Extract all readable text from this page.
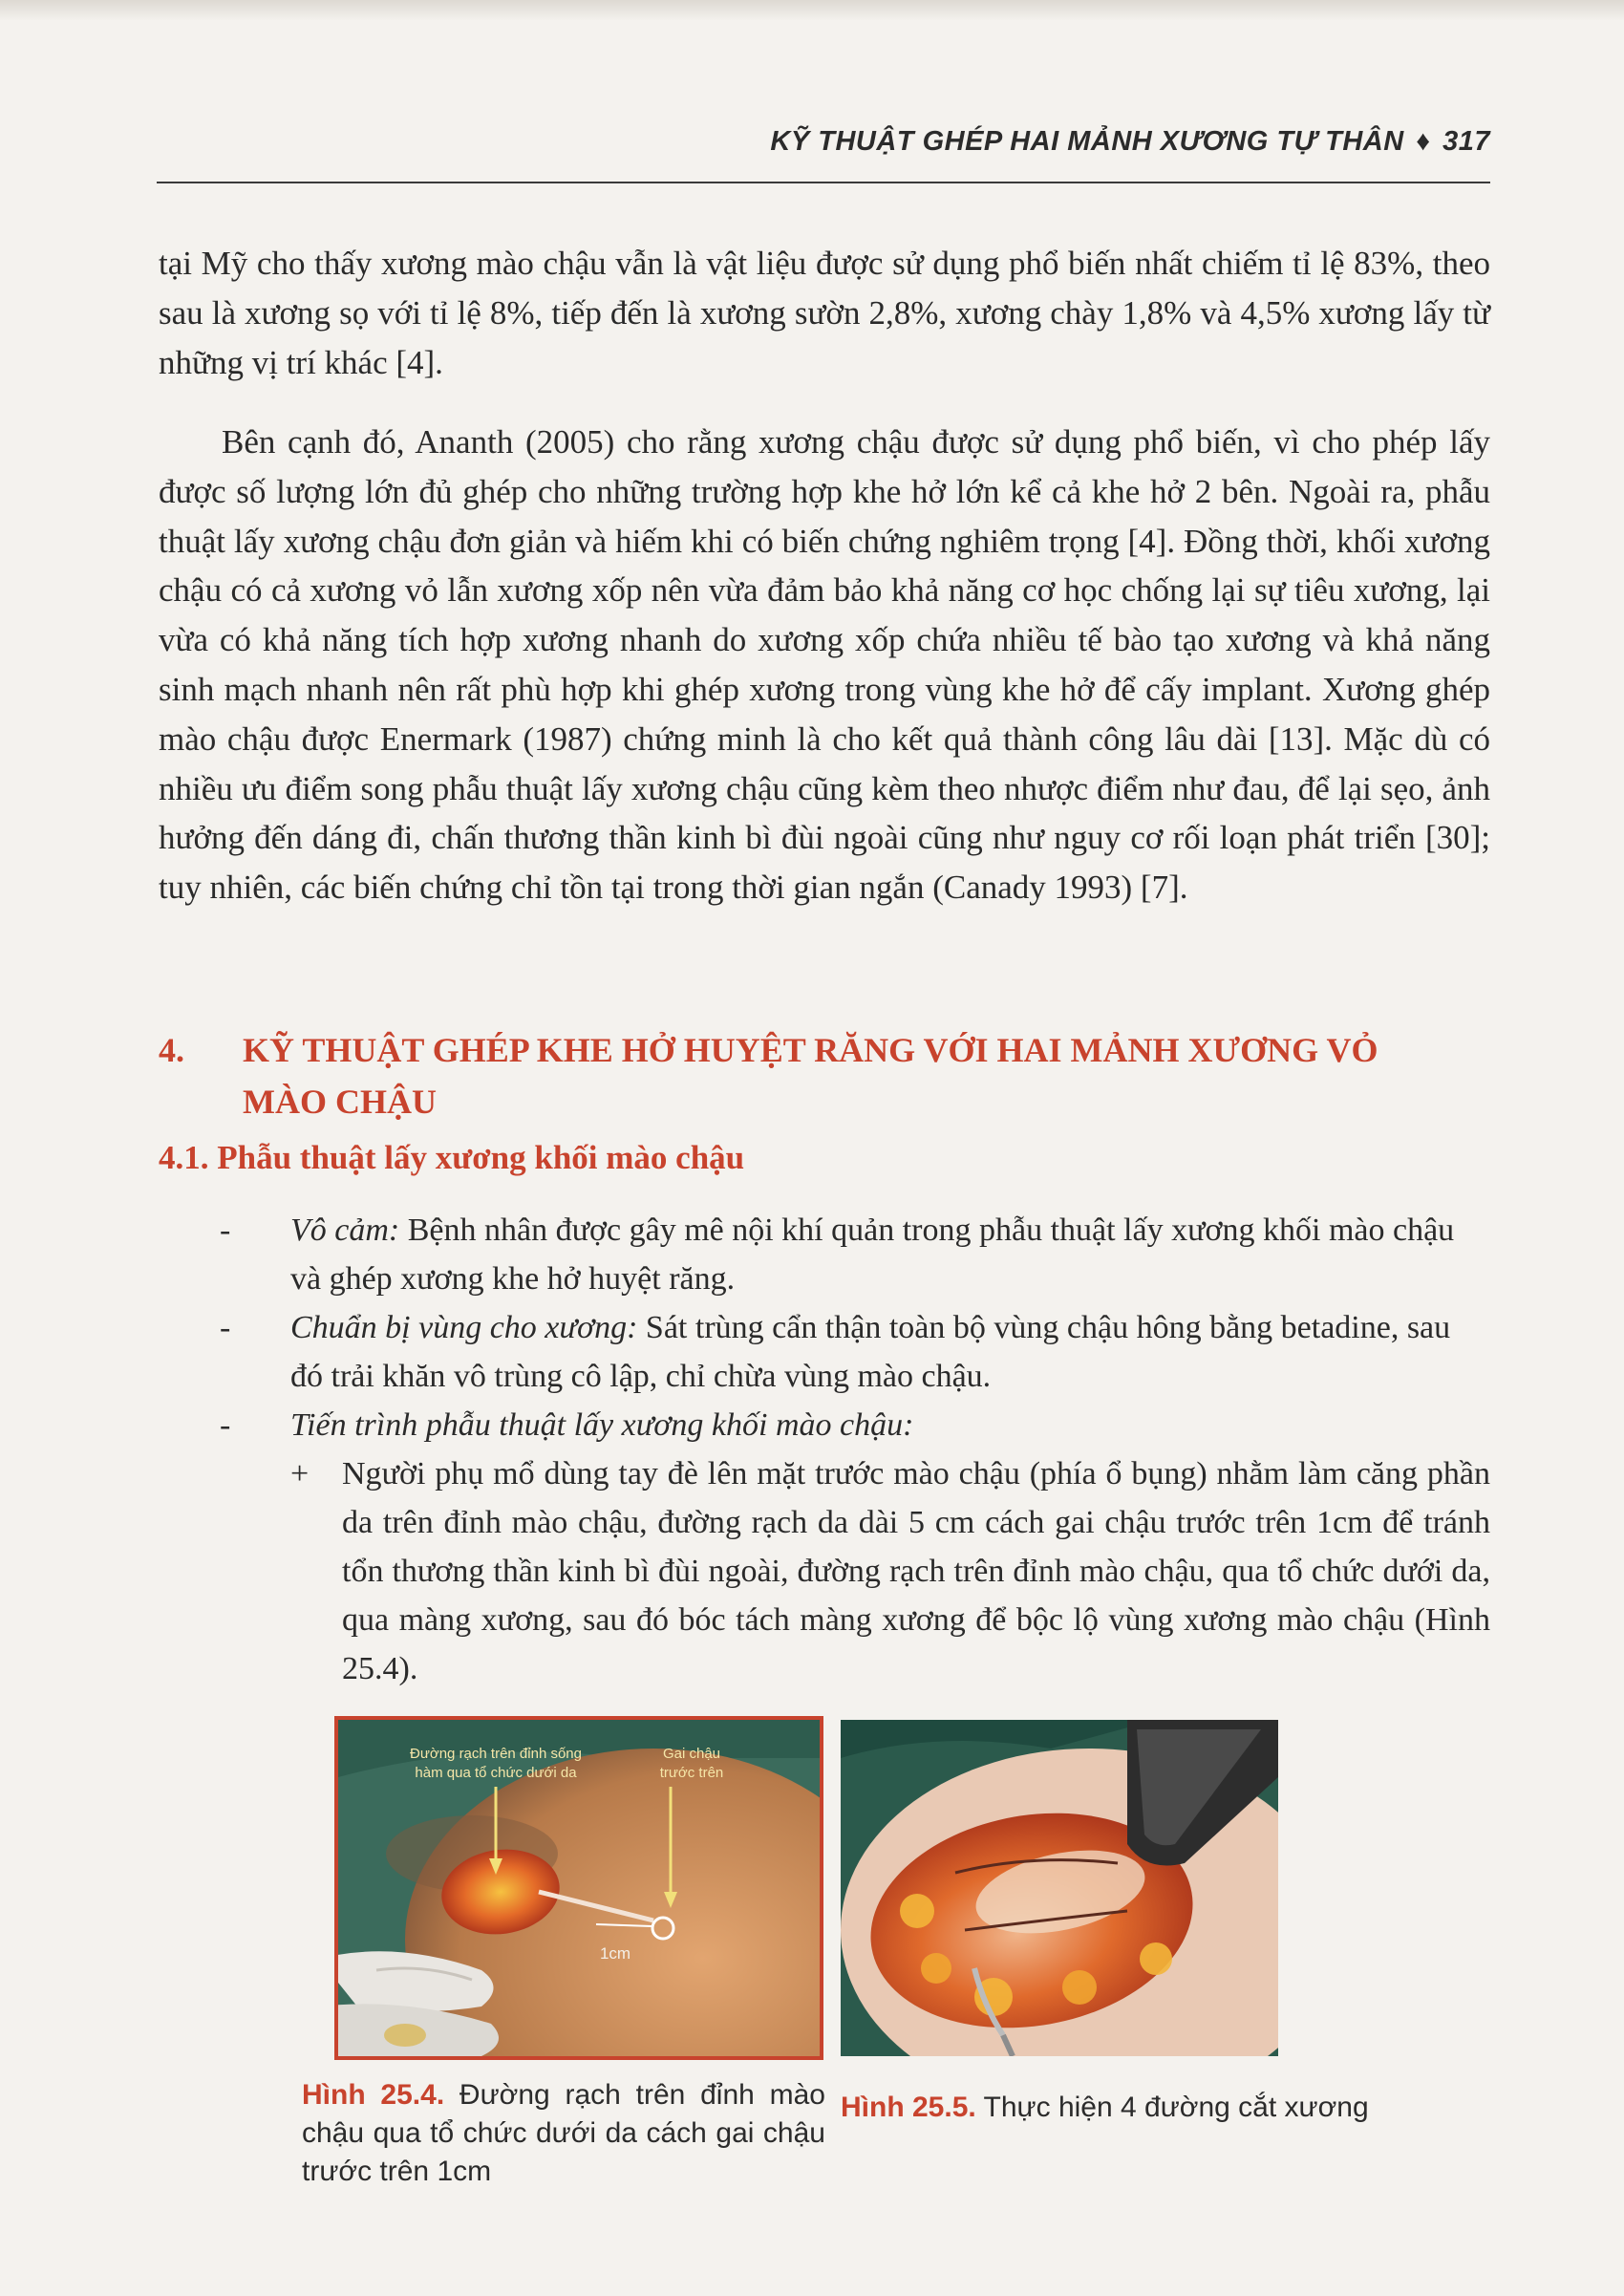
KỸ THUẬT GHÉP HAI MẢNH XƯƠNG TỰ THÂN ♦ 317

tại Mỹ cho thấy xương mào chậu vẫn là vật liệu được sử dụng phổ biến nhất chiếm tỉ lệ 83%, theo sau là xương sọ với tỉ lệ 8%, tiếp đến là xương sườn 2,8%, xương chày 1,8% và 4,5% xương lấy từ những vị trí khác [4].

Bên cạnh đó, Ananth (2005) cho rằng xương chậu được sử dụng phổ biến, vì cho phép lấy được số lượng lớn đủ ghép cho những trường hợp khe hở lớn kể cả khe hở 2 bên. Ngoài ra, phẫu thuật lấy xương chậu đơn giản và hiếm khi có biến chứng nghiêm trọng [4]. Đồng thời, khối xương chậu có cả xương vỏ lẫn xương xốp nên vừa đảm bảo khả năng cơ học chống lại sự tiêu xương, lại vừa có khả năng tích hợp xương nhanh do xương xốp chứa nhiều tế bào tạo xương và khả năng sinh mạch nhanh nên rất phù hợp khi ghép xương trong vùng khe hở để cấy implant. Xương ghép mào chậu được Enermark (1987) chứng minh là cho kết quả thành công lâu dài [13]. Mặc dù có nhiều ưu điểm song phẫu thuật lấy xương chậu cũng kèm theo nhược điểm như đau, để lại sẹo, ảnh hưởng đến dáng đi, chấn thương thần kinh bì đùi ngoài cũng như nguy cơ rối loạn phát triển [30]; tuy nhiên, các biến chứng chỉ tồn tại trong thời gian ngắn (Canady 1993) [7].

4. KỸ THUẬT GHÉP KHE HỞ HUYỆT RĂNG VỚI HAI MẢNH XƯƠNG VỎ
MÀO CHẬU
4.1. Phẫu thuật lấy xương khối mào chậu
- Vô cảm: Bệnh nhân được gây mê nội khí quản trong phẫu thuật lấy xương khối mào chậu và ghép xương khe hở huyệt răng.
- Chuẩn bị vùng cho xương: Sát trùng cẩn thận toàn bộ vùng chậu hông bằng betadine, sau đó trải khăn vô trùng cô lập, chỉ chừa vùng mào chậu.
- Tiến trình phẫu thuật lấy xương khối mào chậu:
+ Người phụ mổ dùng tay đè lên mặt trước mào chậu (phía ổ bụng) nhằm làm căng phần da trên đỉnh mào chậu, đường rạch da dài 5 cm cách gai chậu trước trên 1cm để tránh tổn thương thần kinh bì đùi ngoài, đường rạch trên đỉnh mào chậu, qua tổ chức dưới da, qua màng xương, sau đó bóc tách màng xương để bộc lộ vùng xương mào chậu (Hình 25.4).
Đường rạch trên đỉnh sống
hàm qua tổ chức dưới da
Gai chậu
trước trên
1cm
Hình 25.4. Đường rạch trên đỉnh mào chậu qua tổ chức dưới da cách gai chậu trước trên 1cm
Hình 25.5. Thực hiện 4 đường cắt xương
